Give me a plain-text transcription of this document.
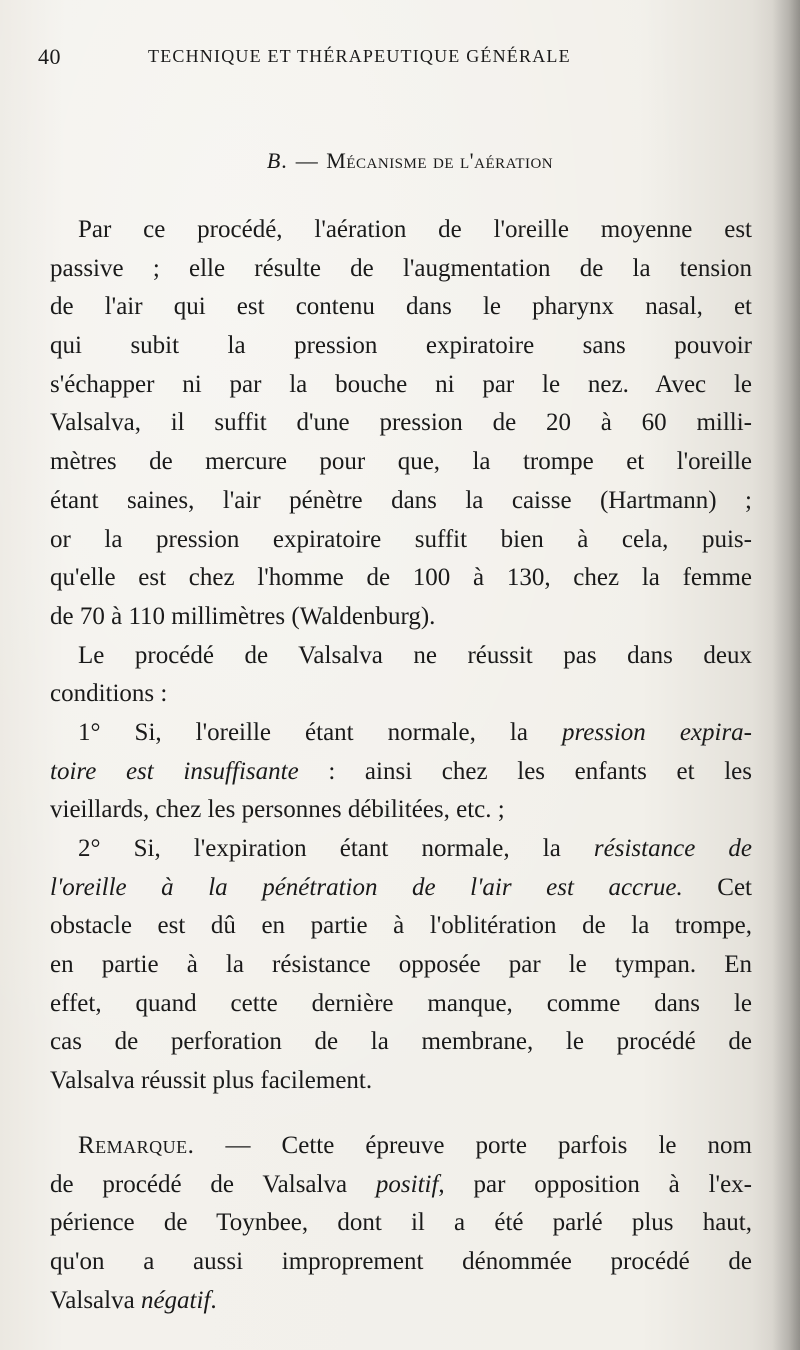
40	TECHNIQUE ET THÉRAPEUTIQUE GÉNÉRALE
B. — Mécanisme de l'aération
Par ce procédé, l'aération de l'oreille moyenne est
passive ; elle résulte de l'augmentation de la tension
de l'air qui est contenu dans le pharynx nasal, et
qui subit la pression expiratoire sans pouvoir
s'échapper ni par la bouche ni par le nez. Avec le
Valsalva, il suffit d'une pression de 20 à 60 milli-
mètres de mercure pour que, la trompe et l'oreille
étant saines, l'air pénètre dans la caisse (Hartmann) ;
or la pression expiratoire suffit bien à cela, puis-
qu'elle est chez l'homme de 100 à 130, chez la femme
de 70 à 110 millimètres (Waldenburg).
Le procédé de Valsalva ne réussit pas dans deux
conditions :
1° Si, l'oreille étant normale, la pression expira-
toire est insuffisante : ainsi chez les enfants et les
vieillards, chez les personnes débilitées, etc. ;
2° Si, l'expiration étant normale, la résistance de
l'oreille à la pénétration de l'air est accrue. Cet
obstacle est dû en partie à l'oblitération de la trompe,
en partie à la résistance opposée par le tympan. En
effet, quand cette dernière manque, comme dans le
cas de perforation de la membrane, le procédé de
Valsalva réussit plus facilement.
Remarque. — Cette épreuve porte parfois le nom
de procédé de Valsalva positif, par opposition à l'ex-
périence de Toynbee, dont il a été parlé plus haut,
qu'on a aussi improprement dénommée procédé de
Valsalva négatif.
